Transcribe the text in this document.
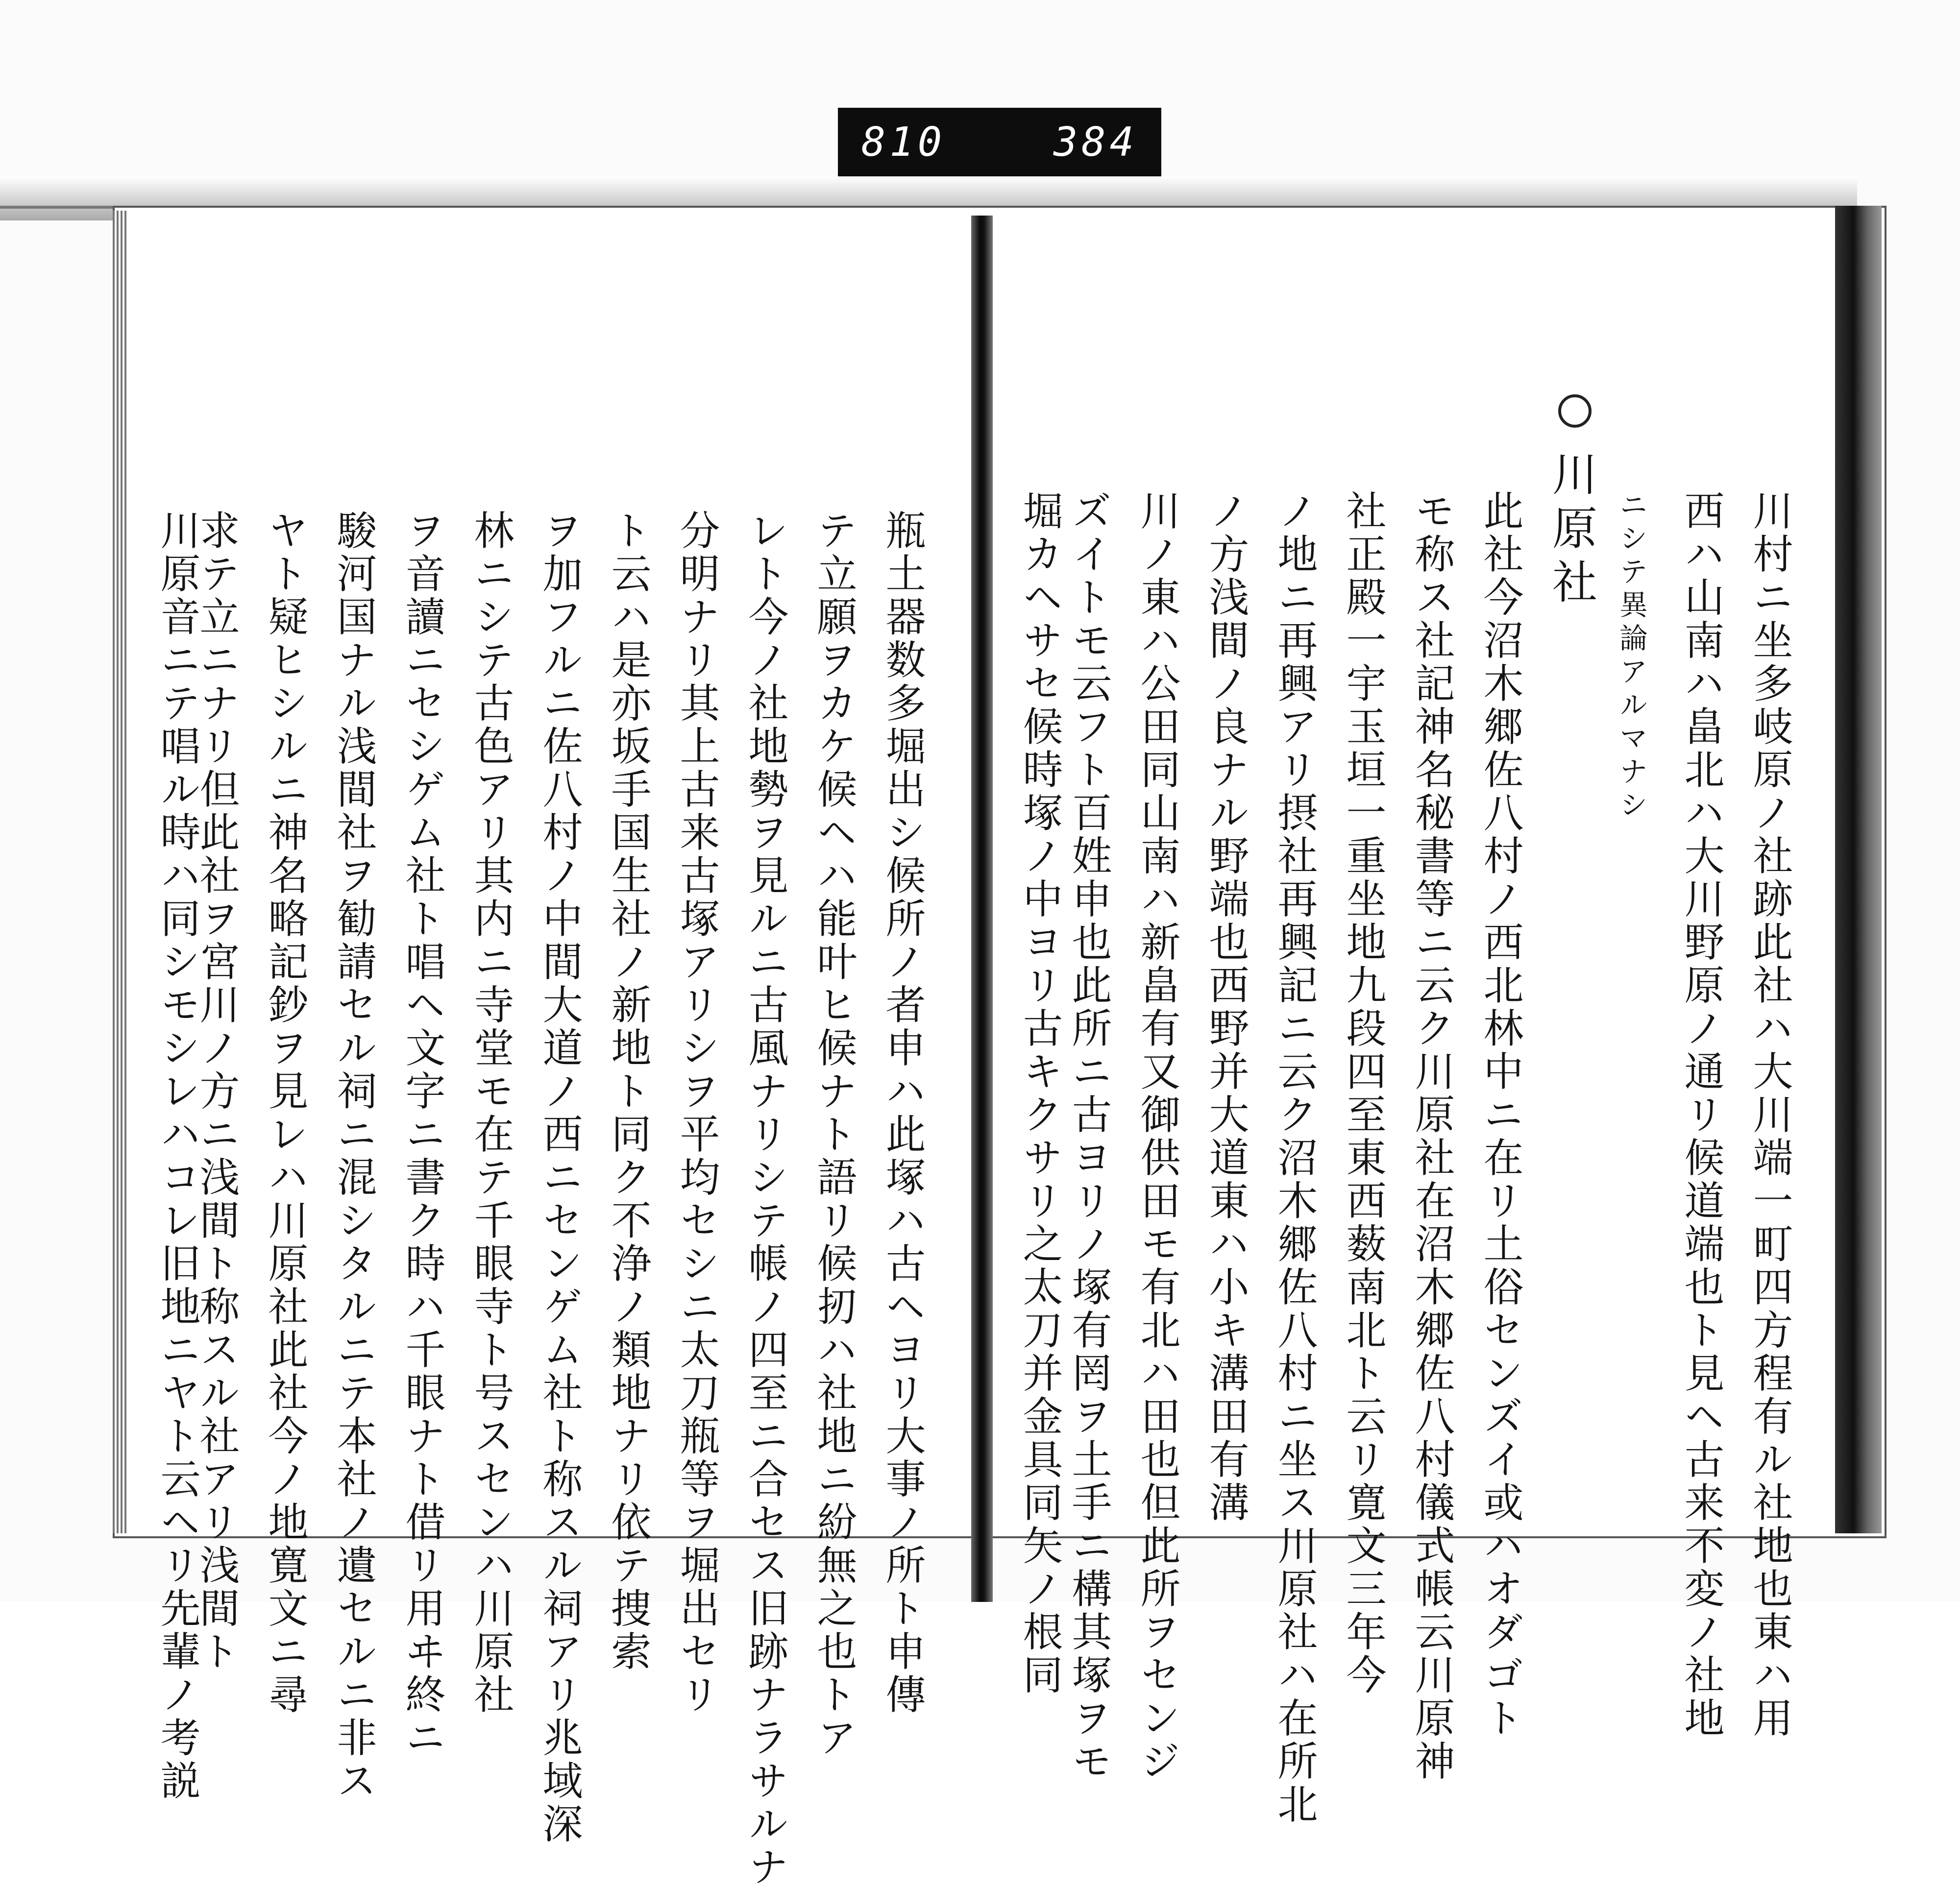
810	384
川村ニ坐多岐原ノ社跡此社ハ大川端一町四方程有ル社地也東ハ用
西ハ山南ハ畠北ハ大川野原ノ通リ候道端也ト見ヘ古来不変ノ社地
ニシテ異論アルマナシ
川原社
此社今沼木郷佐八村ノ西北林中ニ在リ土俗センズイ或ハオダゴト
モ称ス社記神名秘書等ニ云ク川原社在沼木郷佐八村儀式帳云川原神
社正殿一宇玉垣一重坐地九段四至東西薮南北ト云リ寛文三年今
ノ地ニ再興アリ摂社再興記ニ云ク沼木郷佐八村ニ坐ス川原社ハ在所北
ノ方浅間ノ良ナル野端也西野并大道東ハ小キ溝田有溝
川ノ東ハ公田同山南ハ新畠有又御供田モ有北ハ田也但此所ヲセンジ
ズイトモ云フト百姓申也此所ニ古ヨリノ塚有罔ヲ土手ニ構其塚ヲモ
堀カヘサセ候時塚ノ中ヨリ古キクサリ之太刀并金具同矢ノ根同
瓶土器数多堀出シ候所ノ者申ハ此塚ハ古ヘヨリ大事ノ所ト申傳
テ立願ヲカケ候ヘハ能叶ヒ候ナト語リ候扨ハ社地ニ紛無之也トア
レト今ノ社地勢ヲ見ルニ古風ナリシテ帳ノ四至ニ合セス旧跡ナラサルナ
分明ナリ其上古来古塚アリシヲ平均セシニ太刀瓶等ヲ堀出セリ
ト云ハ是亦坂手国生社ノ新地ト同ク不浄ノ類地ナリ依テ捜索
ヲ加フルニ佐八村ノ中間大道ノ西ニセンゲム社ト称スル祠アリ兆域深
林ニシテ古色アリ其内ニ寺堂モ在テ千眼寺ト号スセンハ川原社
ヲ音讀ニセシゲム社ト唱ヘ文字ニ書ク時ハ千眼ナト借リ用ヰ終ニ
駿河国ナル浅間社ヲ勧請セル祠ニ混シタルニテ本社ノ遺セルニ非ス
ヤト疑ヒシルニ神名略記鈔ヲ見レハ川原社此社今ノ地寛文ニ尋
求テ立ニナリ但此社ヲ宮川ノ方ニ浅間ト称スル社アリ浅間ト
川原音ニテ唱ル時ハ同シモシレハコレ旧地ニヤト云ヘリ先輩ノ考説
